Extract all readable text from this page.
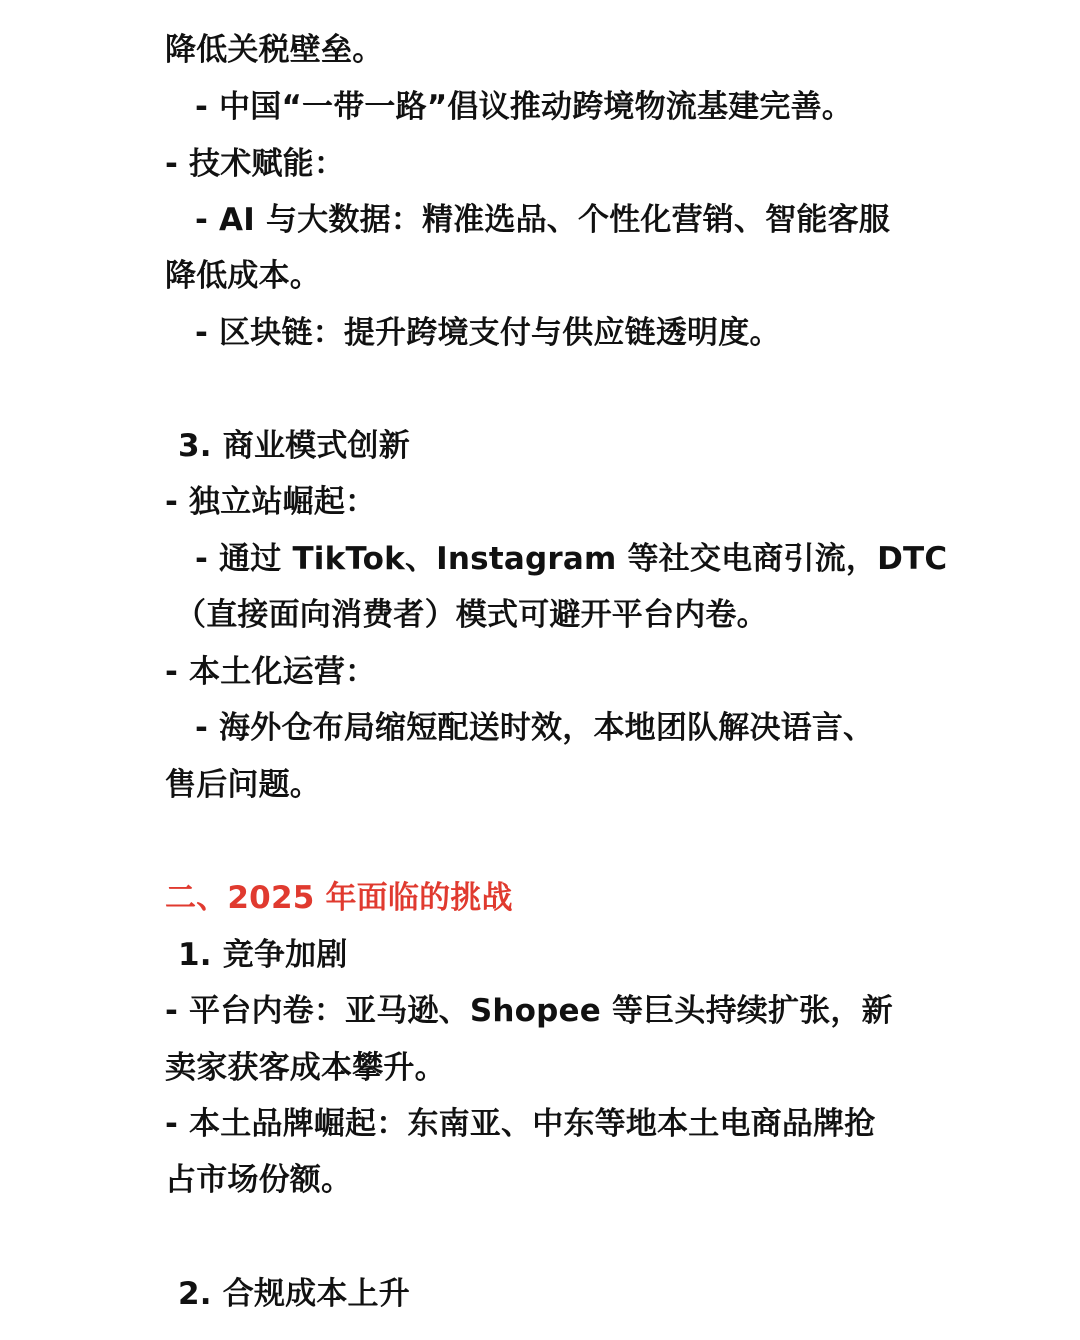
降低关税壁垒。
- 中国“一带一路”倡议推动跨境物流基建完善。
- 技术赋能：
- AI 与大数据：精准选品、个性化营销、智能客服
降低成本。
- 区块链：提升跨境支付与供应链透明度。
3. 商业模式创新
- 独立站崛起：
- 通过 TikTok、Instagram 等社交电商引流，DTC
（直接面向消费者）模式可避开平台内卷。
- 本土化运营：
- 海外仓布局缩短配送时效，本地团队解决语言、
售后问题。
二、2025 年面临的挑战
1. 竞争加剧
- 平台内卷：亚马逊、Shopee 等巨头持续扩张，新
卖家获客成本攀升。
- 本土品牌崛起：东南亚、中东等地本土电商品牌抢
占市场份额。
2. 合规成本上升
